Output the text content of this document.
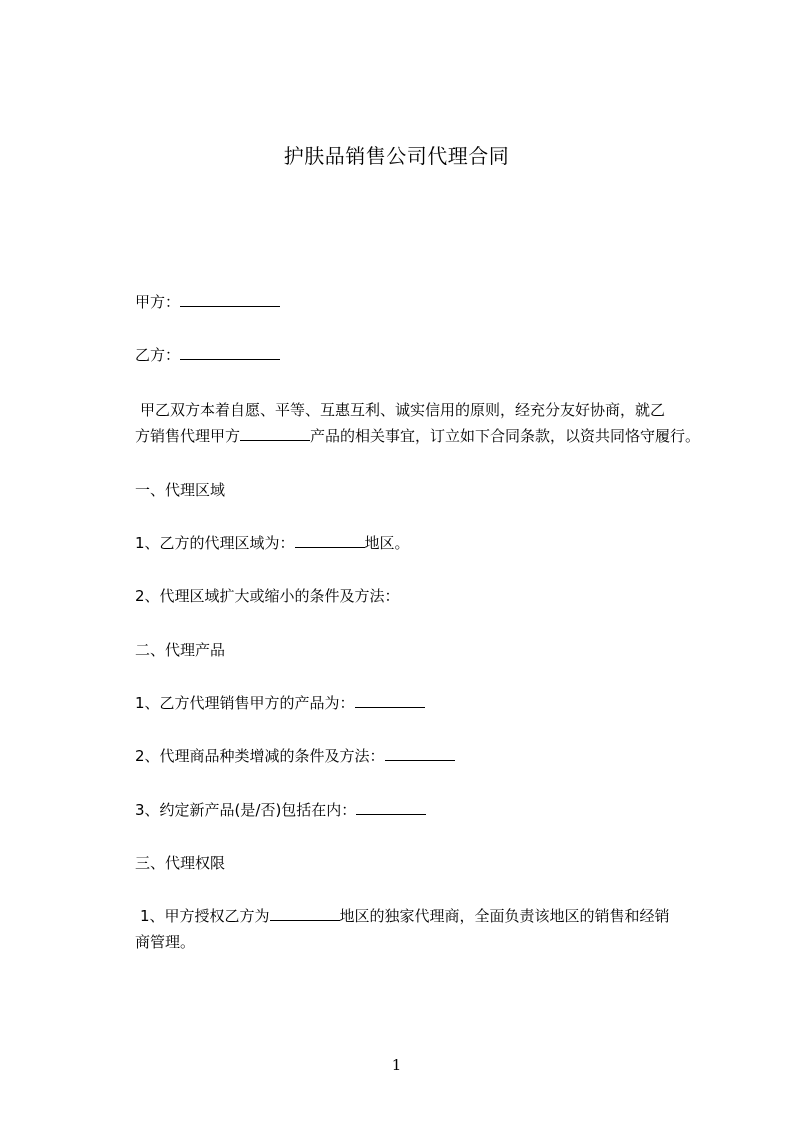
护肤品销售公司代理合同

甲方：

乙方：

甲乙双方本着自愿、平等、互惠互利、诚实信用的原则，经充分友好协商，就乙

方销售代理甲方	产品的相关事宜，订立如下合同条款，以资共同恪守履行。

一、代理区域

1、乙方的代理区域为：	地区。

2、代理区域扩大或缩小的条件及方法：

二、代理产品

1、乙方代理销售甲方的产品为：

2、代理商品种类增减的条件及方法：

3、约定新产品(是/否)包括在内：

三、代理权限

1、甲方授权乙方为	地区的独家代理商，全面负责该地区的销售和经销

商管理。

1
